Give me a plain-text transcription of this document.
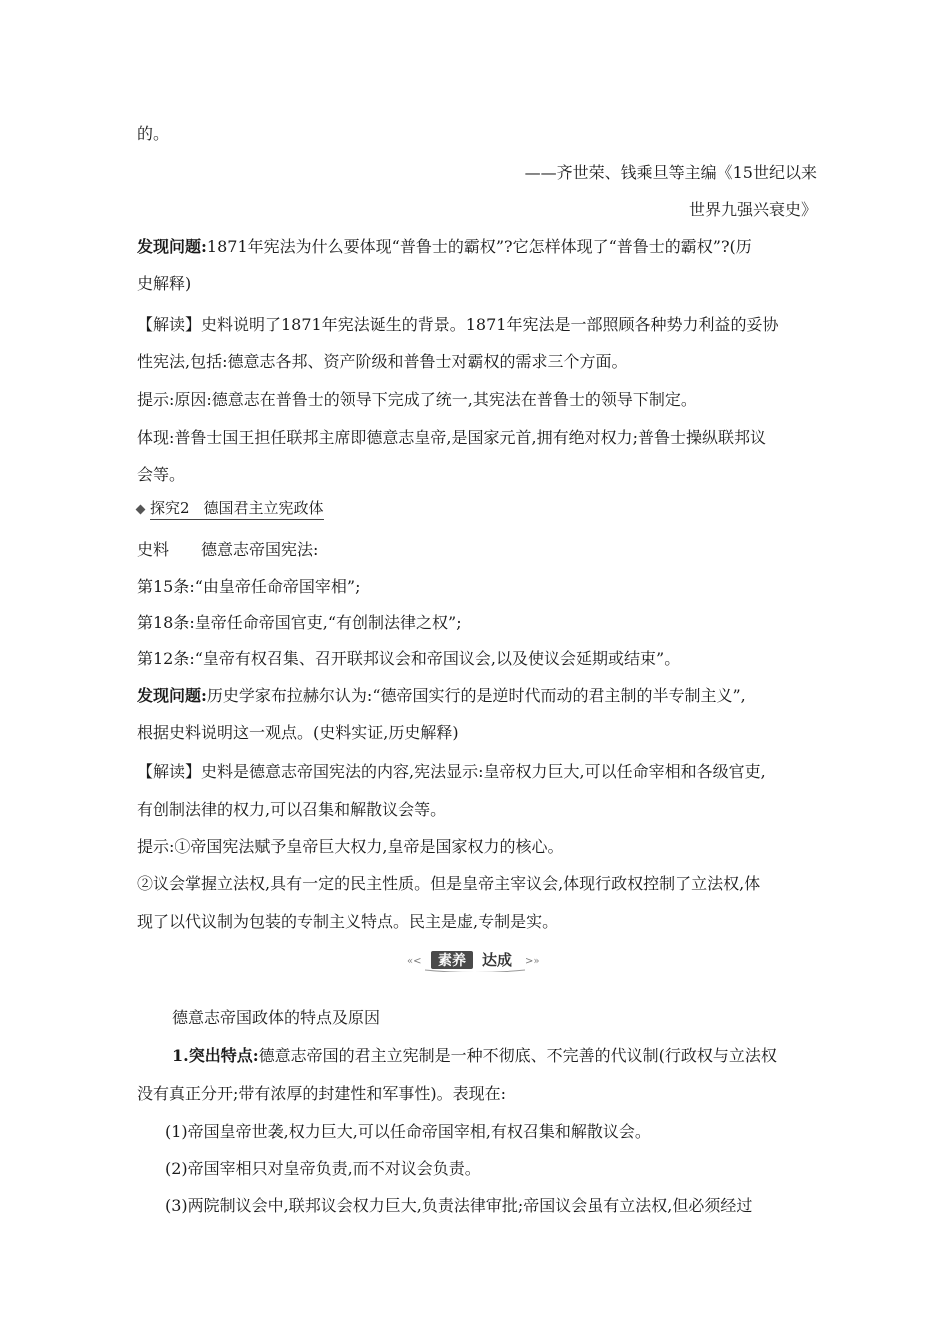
的。
——齐世荣、钱乘旦等主编《15世纪以来
世界九强兴衰史》
发现问题:1871年宪法为什么要体现“普鲁士的霸权”?它怎样体现了“普鲁士的霸权”?(历
史解释)
【解读】史料说明了1871年宪法诞生的背景。1871年宪法是一部照顾各种势力利益的妥协
性宪法,包括:德意志各邦、资产阶级和普鲁士对霸权的需求三个方面。
提示:原因:德意志在普鲁士的领导下完成了统一,其宪法在普鲁士的领导下制定。
体现:普鲁士国王担任联邦主席即德意志皇帝,是国家元首,拥有绝对权力;普鲁士操纵联邦议
会等。
探究2 德国君主立宪政体
史料　　德意志帝国宪法:
第15条:“由皇帝任命帝国宰相”;
第18条:皇帝任命帝国官吏,“有创制法律之权”;
第12条:“皇帝有权召集、召开联邦议会和帝国议会,以及使议会延期或结束”。
发现问题:历史学家布拉赫尔认为:“德帝国实行的是逆时代而动的君主制的半专制主义”,
根据史料说明这一观点。(史料实证,历史解释)
【解读】史料是德意志帝国宪法的内容,宪法显示:皇帝权力巨大,可以任命宰相和各级官吏,
有创制法律的权力,可以召集和解散议会等。
提示:①帝国宪法赋予皇帝巨大权力,皇帝是国家权力的核心。
②议会掌握立法权,具有一定的民主性质。但是皇帝主宰议会,体现行政权控制了立法权,体
现了以代议制为包装的专制主义特点。民主是虚,专制是实。
«< 素养 达成 >»
德意志帝国政体的特点及原因
1.突出特点:德意志帝国的君主立宪制是一种不彻底、不完善的代议制(行政权与立法权
没有真正分开;带有浓厚的封建性和军事性)。表现在:
(1)帝国皇帝世袭,权力巨大,可以任命帝国宰相,有权召集和解散议会。
(2)帝国宰相只对皇帝负责,而不对议会负责。
(3)两院制议会中,联邦议会权力巨大,负责法律审批;帝国议会虽有立法权,但必须经过
